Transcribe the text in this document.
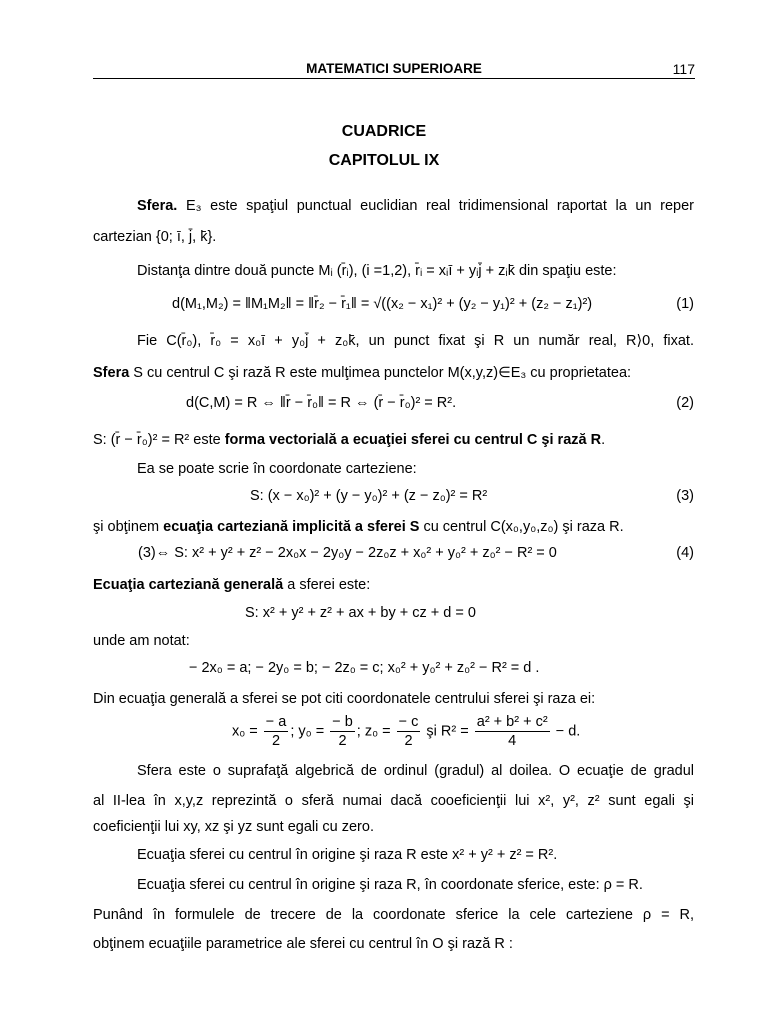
MATEMATICI SUPERIOARE	117
CUADRICE
CAPITOLUL IX
Sfera. E₃ este spaţiul punctual euclidian real tridimensional raportat la un reper
cartezian {0; ī, j̄, k̄}.
Distanţa dintre două puncte Mᵢ (r̄ᵢ), (i =1,2), r̄ᵢ = xᵢī + yᵢj̄ + zᵢk̄ din spaţiu este:
d(M₁,M₂) = ‖M₁M₂‖ = ‖r̄₂ − r̄₁‖ = √((x₂ − x₁)² + (y₂ − y₁)² + (z₂ − z₁)²)	(1)
Fie C(r̄₀), r̄₀ = x₀ī + y₀j̄ + z₀k̄, un punct fixat şi R un număr real, R⟩0, fixat.
Sfera S cu centrul C şi rază R este mulţimea punctelor M(x,y,z)∈E₃ cu proprietatea:
d(C,M) = R ⇔ ‖r̄ − r̄₀‖ = R ⇔ (r̄ − r̄₀)² = R².	(2)
S: (r̄ − r̄₀)² = R² este forma vectorială a ecuaţiei sferei cu centrul C şi rază R.
Ea se poate scrie în coordonate carteziene:
S: (x − x₀)² + (y − y₀)² + (z − z₀)² = R²	(3)
şi obţinem ecuaţia carteziană implicită a sferei S cu centrul C(x₀,y₀,z₀) şi raza R.
(3)⇔ S: x² + y² + z² − 2x₀x − 2y₀y − 2z₀z + x₀² + y₀² + z₀² − R² = 0	(4)
Ecuaţia carteziană generală a sferei este:
S: x² + y² + z² + ax + by + cz + d = 0
unde am notat:
− 2x₀ = a; − 2y₀ = b; − 2z₀ = c; x₀² + y₀² + z₀² − R² = d .
Din ecuaţia generală a sferei se pot citi coordonatele centrului sferei şi raza ei:
$x_0 = \frac{- a}{2}$ ; $y_0 = \frac{- b}{2}$ ; $z_0 = \frac{- c}{2}$ şi $R^2 = \frac{\text{a² + b² + c²}}{4} - d$.
Sfera este o suprafaţă algebrică de ordinul (gradul) al doilea. O ecuaţie de gradul
al II-lea în x,y,z reprezintă o sferă numai dacă cooeficienţii lui x², y², z² sunt egali şi
coeficienţii lui xy, xz şi yz sunt egali cu zero.
Ecuaţia sferei cu centrul în origine şi raza R este x² + y² + z² = R².
Ecuaţia sferei cu centrul în origine şi raza R, în coordonate sferice, este: ρ = R.
Punând în formulele de trecere de la coordonate sferice la cele carteziene ρ = R,
obţinem ecuaţiile parametrice ale sferei cu centrul în O şi rază R :
